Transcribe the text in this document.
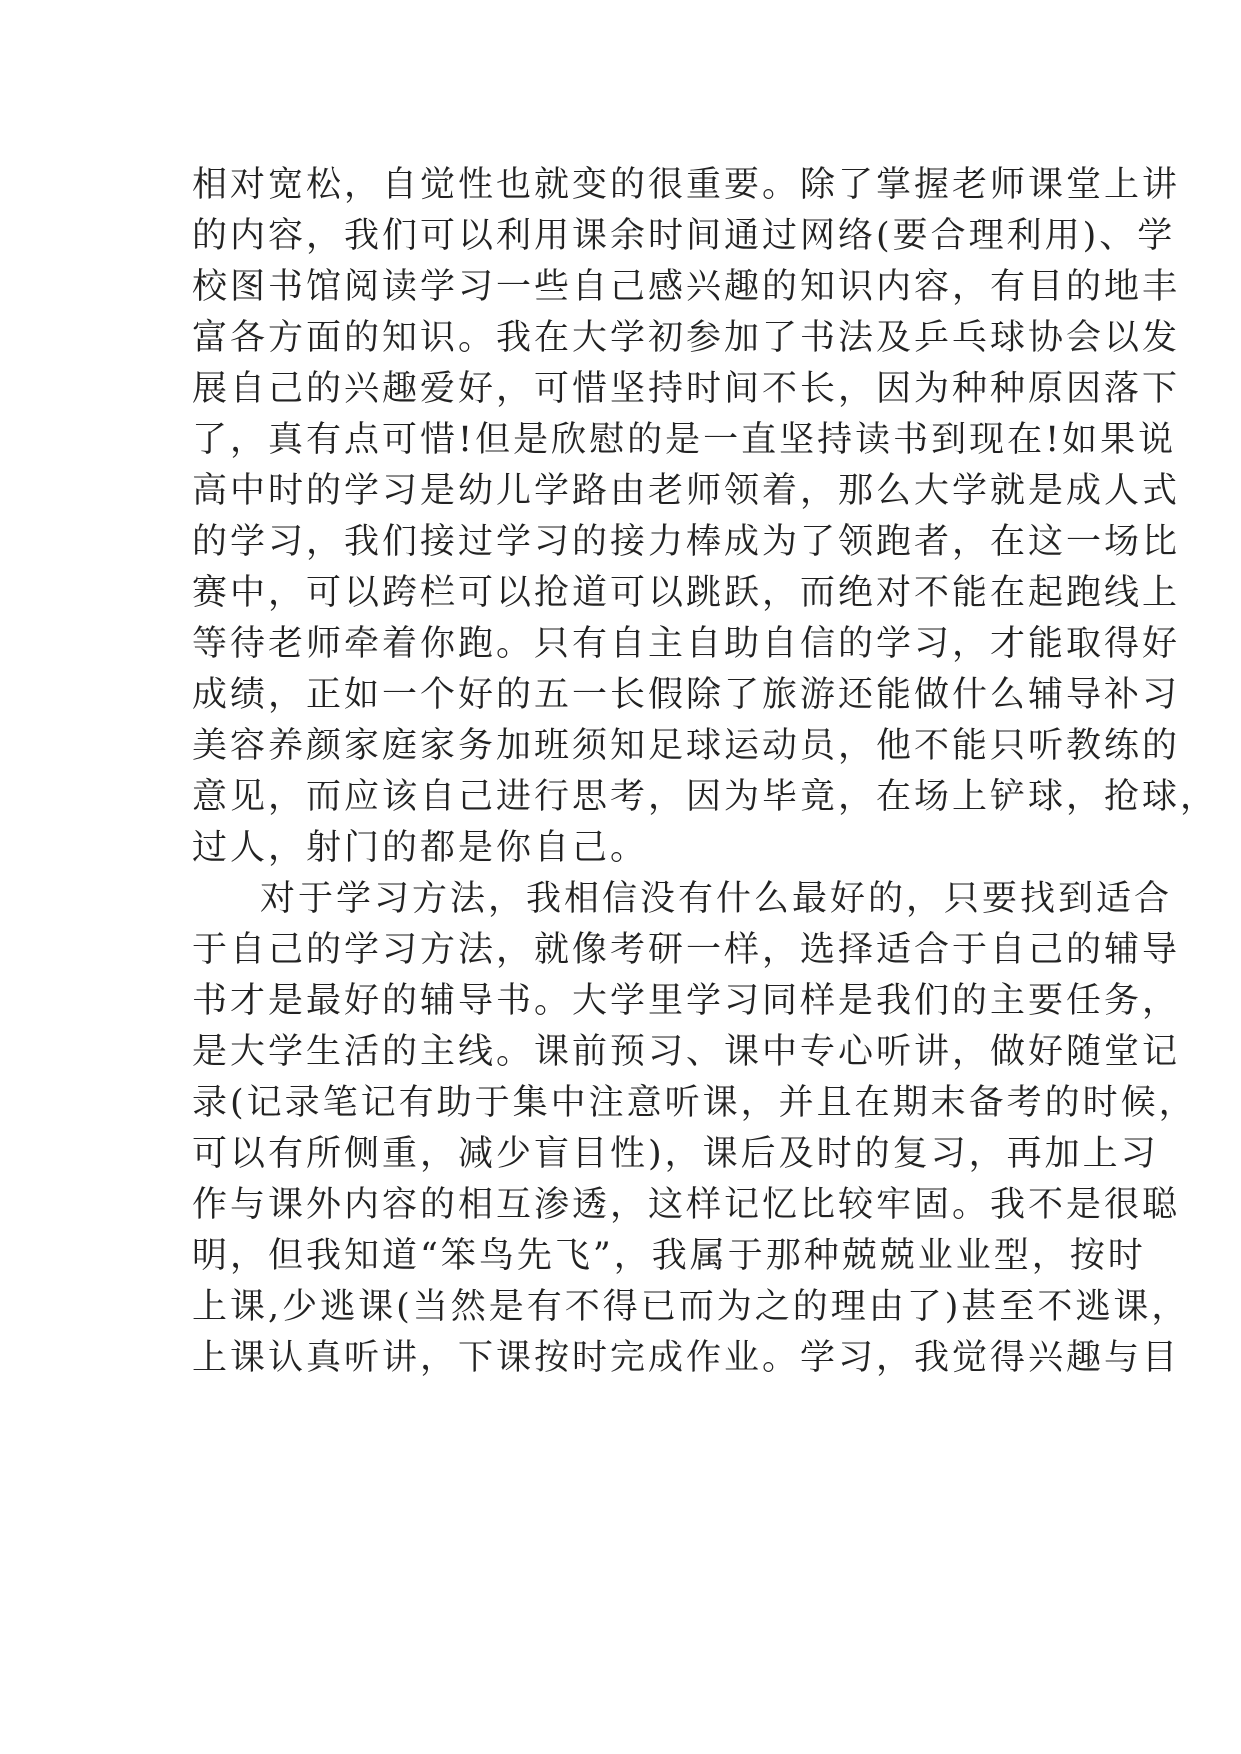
相对宽松，自觉性也就变的很重要。除了掌握老师课堂上讲
的内容，我们可以利用课余时间通过网络(要合理利用)、学
校图书馆阅读学习一些自己感兴趣的知识内容，有目的地丰
富各方面的知识。我在大学初参加了书法及乒乓球协会以发
展自己的兴趣爱好，可惜坚持时间不长，因为种种原因落下
了，真有点可惜!但是欣慰的是一直坚持读书到现在!如果说
高中时的学习是幼儿学路由老师领着，那么大学就是成人式
的学习，我们接过学习的接力棒成为了领跑者，在这一场比
赛中，可以跨栏可以抢道可以跳跃，而绝对不能在起跑线上
等待老师牵着你跑。只有自主自助自信的学习，才能取得好
成绩，正如一个好的五一长假除了旅游还能做什么辅导补习
美容养颜家庭家务加班须知足球运动员，他不能只听教练的
意见，而应该自己进行思考，因为毕竟，在场上铲球，抢球，
过人，射门的都是你自己。
对于学习方法，我相信没有什么最好的，只要找到适合
于自己的学习方法，就像考研一样，选择适合于自己的辅导
书才是最好的辅导书。大学里学习同样是我们的主要任务，
是大学生活的主线。课前预习、课中专心听讲，做好随堂记
录(记录笔记有助于集中注意听课，并且在期末备考的时候，
可以有所侧重，减少盲目性)，课后及时的复习，再加上习
作与课外内容的相互渗透，这样记忆比较牢固。我不是很聪
明，但我知道“笨鸟先飞”，我属于那种兢兢业业型，按时
上课,少逃课(当然是有不得已而为之的理由了)甚至不逃课，
上课认真听讲，下课按时完成作业。学习，我觉得兴趣与目
